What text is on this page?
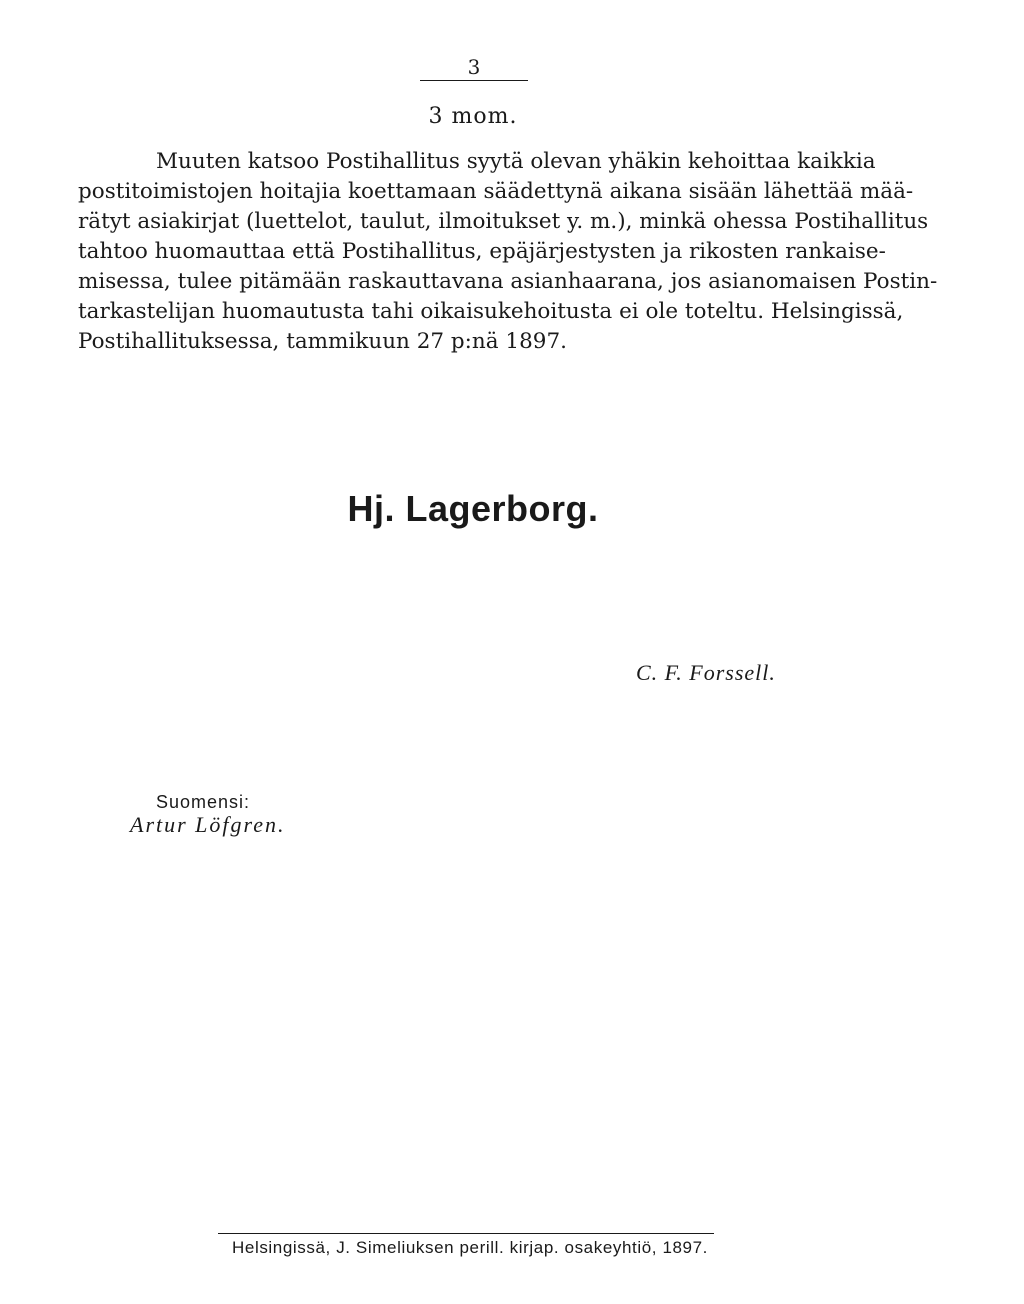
3
3 mom.
Muuten katsoo Postihallitus syytä olevan yhäkin kehoittaa kaikkia
postitoimistojen hoitajia koettamaan säädettynä aikana sisään lähettää mää-
rätyt asiakirjat (luettelot, taulut, ilmoitukset y. m.), minkä ohessa Postihallitus
tahtoo huomauttaa että Postihallitus, epäjärjestysten ja rikosten rankaise-
misessa, tulee pitämään raskauttavana asianhaarana, jos asianomaisen Postin-
tarkastelijan huomautusta tahi oikaisukehoitusta ei ole toteltu. Helsingissä,
Postihallituksessa, tammikuun 27 p:nä 1897.
Hj. Lagerborg.
C. F. Forssell.
Suomensi:
Artur Löfgren.
Helsingissä, J. Simeliuksen perill. kirjap. osakeyhtiö, 1897.
